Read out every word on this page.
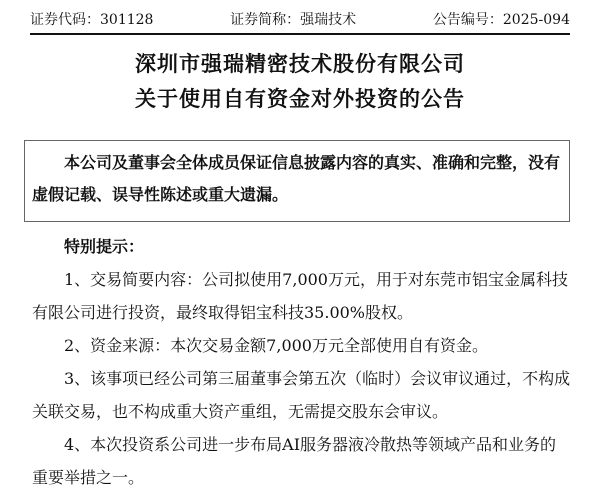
证券代码：301128	证券简称：强瑞技术	公告编号：2025-094
深圳市强瑞精密技术股份有限公司
关于使用自有资金对外投资的公告
本公司及董事会全体成员保证信息披露内容的真实、准确和完整，没有虚假记载、误导性陈述或重大遗漏。

特别提示：

1、交易简要内容：公司拟使用7,000万元，用于对东莞市铝宝金属科技有限公司进行投资，最终取得铝宝科技35.00%股权。

2、资金来源：本次交易金额7,000万元全部使用自有资金。

3、该事项已经公司第三届董事会第五次（临时）会议审议通过，不构成关联交易，也不构成重大资产重组，无需提交股东会审议。

4、本次投资系公司进一步布局AI服务器液冷散热等领域产品和业务的重要举措之一。
